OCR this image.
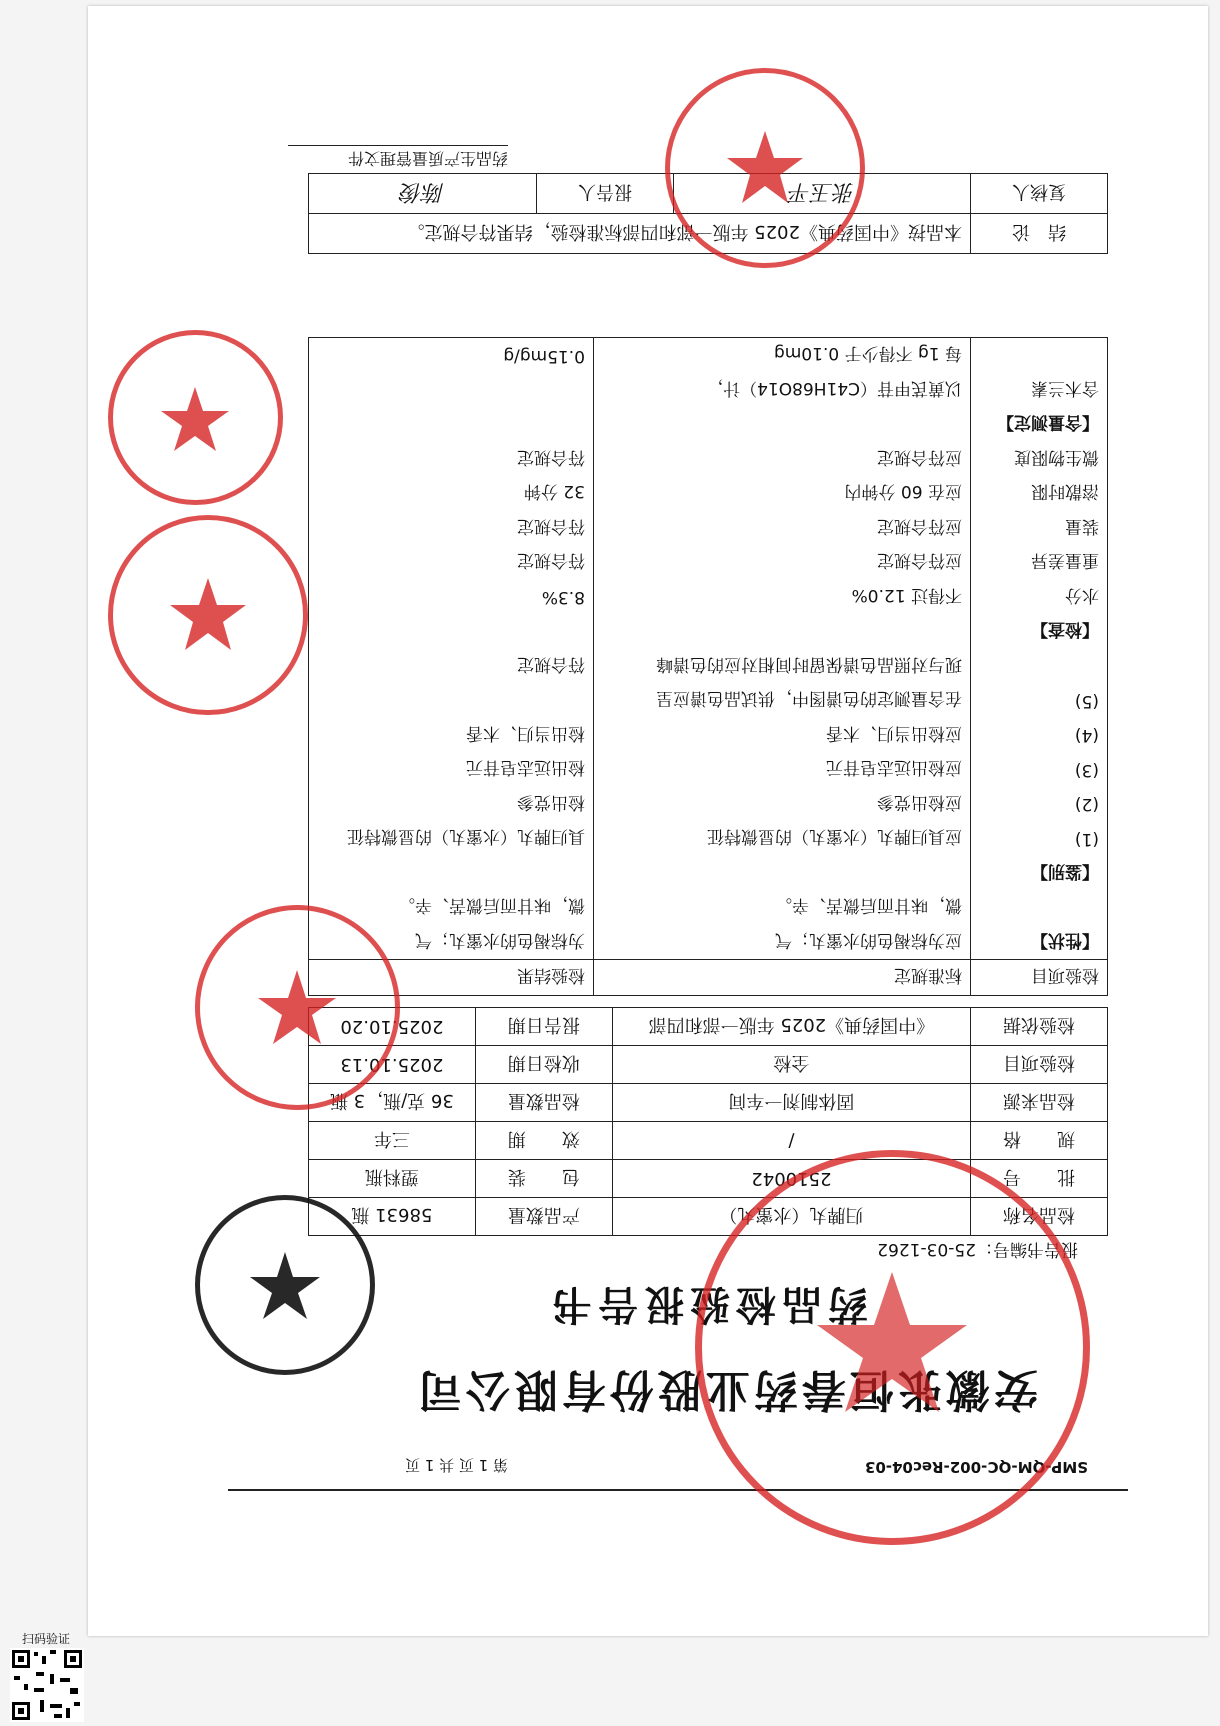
SMP-QM-QC-002-Rec04-03
第 1 页 共 1 页
安徽张恒春药业股份有限公司
药品检验报告书
报告书编号：25-03-1262
检品名称	归脾丸（水蜜丸）	产品数量	58631 瓶
批　　号	2510042	包　　装	塑料瓶
规　　格	/	效　　期	三年
检品来源	固体制剂一车间	检品数量	36 克/瓶，3 瓶
检验项目	全检	收检日期	2025.10.13
检验依据	《中国药典》2025 年版一部和四部	报告日期	2025.10.20
检验项目	标准规定	检验结果
【性状】	应为棕褐色的水蜜丸；气	为棕褐色的水蜜丸；气
	微，味甘而后微苦、辛。	微，味甘而后微苦、辛。
【鉴别】		
(1)	应具归脾丸（水蜜丸）的显微特征	具归脾丸（水蜜丸）的显微特征
(2)	应检出党参	检出党参
(3)	应检出远志皂苷元	检出远志皂苷元
(4)	应检出当归、木香	检出当归、木香
(5)	在含量测定的色谱图中，供试品色谱应呈	
	现与对照品色谱保留时间相对应的色谱峰	符合规定
【检查】		
水分	不得过 12.0%	8.3%
重量差异	应符合规定	符合规定
装量	应符合规定	符合规定
溶散时限	应在 60 分钟内	32 分钟
微生物限度	应符合规定	符合规定
【含量测定】		
含木兰素	以黄芪甲苷（C41H68O14）计，	
	每 1g 不得少于 0.10mg	0.15mg/g
结　论	本品按《中国药典》2025 年版一部和四部标准检验，结果符合规定。		
复核人	张玉平	报告人	陈俊
药品生产质量管理文件
扫码验证
